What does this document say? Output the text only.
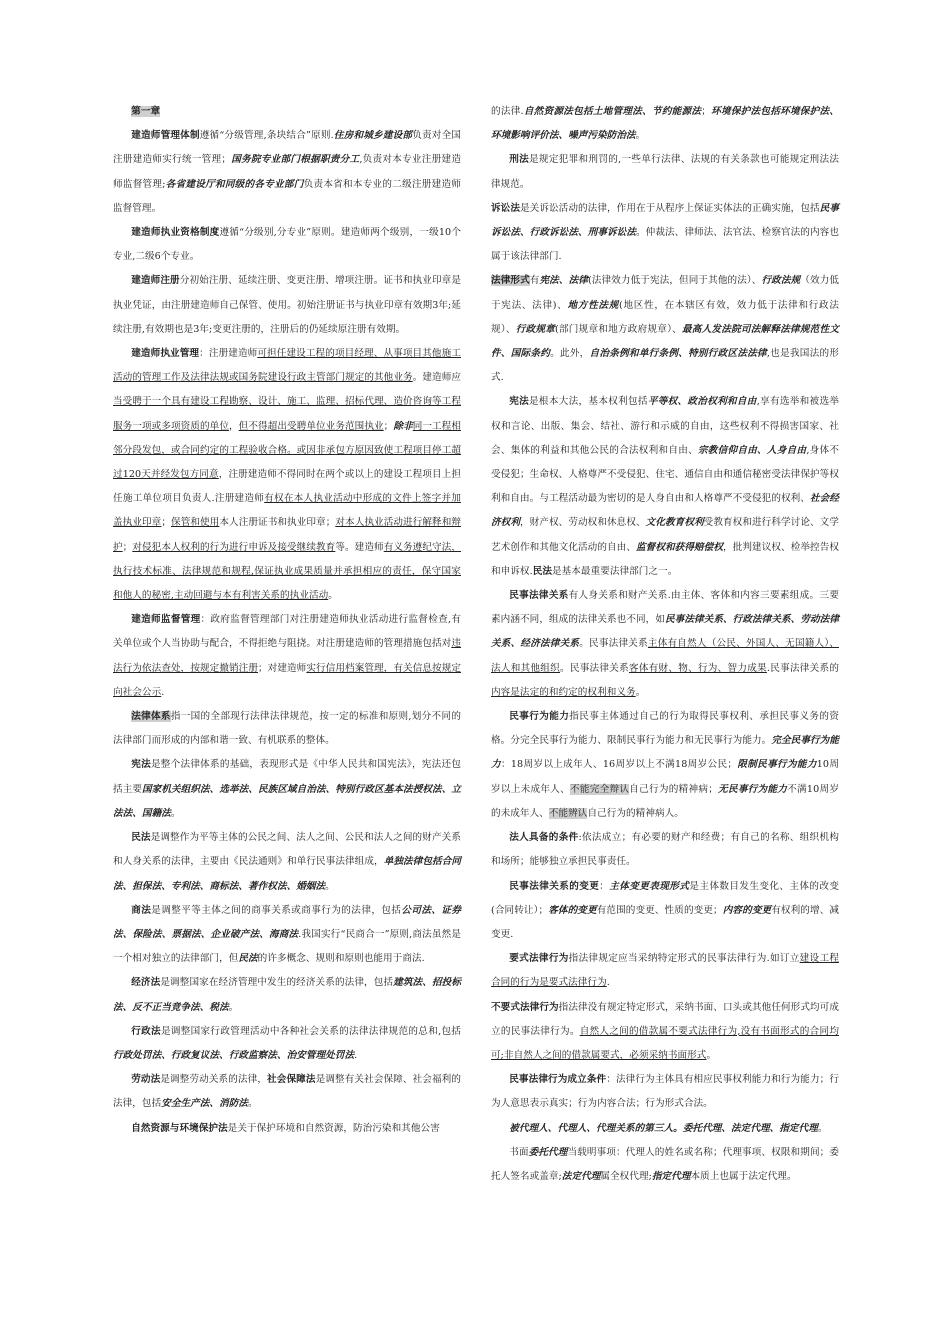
第一章

建造师管理体制遵循“分级管理,条块结合”原则.住房和城乡建设部负责对全国注册建造师实行统一管理；国务院专业部门根据职责分工,负责对本专业注册建造师监督管理;各省建设厅和同级的各专业部门负责本省和本专业的二级注册建造师监督管理。

建造师执业资格制度遵循“分级别,分专业”原则。建造师两个级别，一级10个专业,二级6个专业。

建造师注册分初始注册、延续注册、变更注册、增项注册。证书和执业印章是执业凭证，由注册建造师自己保管、使用。初始注册证书与执业印章有效期3年;延续注册,有效期也是3年;变更注册的，注册后的仍延续原注册有效期。

建造师执业管理：注册建造师可担任建设工程的项目经理、从事项目其他施工活动的管理工作及法律法规或国务院建设行政主管部门规定的其他业务。建造师应当受聘于一个具有建设工程勘察、设计、施工、监理、招标代理、造价咨询等工程服务一项或多项资质的单位，但不得超出受聘单位业务范围执业；除非同一工程相邻分段发包，或合同约定的工程验收合格。或因非承包方原因致使工程项目停工超过120天并经发包方同意，注册建造师不得同时在两个或以上的建设工程项目上担任施工单位项目负责人.注册建造师有权在本人执业活动中形成的文件上签字并加盖执业印章；保管和使用本人注册证书和执业印章；对本人执业活动进行解释和辩护；对侵犯本人权利的行为进行申诉及接受继续教育等。建造师有义务遵纪守法，执行技术标准、法律规范和规程,保证执业成果质量并承担相应的责任，保守国家和他人的秘密,主动回避与本有利害关系的执业活动。

建造师监督管理：政府监督管理部门对注册建造师执业活动进行监督检查,有关单位或个人当协助与配合，不得拒绝与阻挠。对注册建造师的管理措施包括对违法行为依法查处，按规定撤销注册；对建造师实行信用档案管理，有关信息按规定向社会公示.

法律体系指一国的全部现行法律法律规范，按一定的标准和原则,划分不同的法律部门而形成的内部和谐一致、有机联系的整体。

宪法是整个法律体系的基础，表现形式是《中华人民共和国宪法》，宪法还包括主要国家机关组织法、选举法、民族区域自治法、特别行政区基本法授权法、立法法、国籍法。

民法是调整作为平等主体的公民之间、法人之间、公民和法人之间的财产关系和人身关系的法律，主要由《民法通则》和单行民事法律组成，单独法律包括合同法、担保法、专利法、商标法、著作权法、婚姻法。

商法是调整平等主体之间的商事关系或商事行为的法律，包括公司法、证券法、保险法、票据法、企业破产法、海商法.我国实行“民商合一”原则,商法虽然是一个相对独立的法律部门，但民法的许多概念、规则和原则也能用于商法.

经济法是调整国家在经济管理中发生的经济关系的法律，包括建筑法、招投标法、反不正当竞争法、税法。

行政法是调整国家行政管理活动中各种社会关系的法律法律规范的总和,包括行政处罚法、行政复议法、行政监察法、治安管理处罚法.

劳动法是调整劳动关系的法律，社会保障法是调整有关社会保障、社会福利的法律，包括安全生产法、消防法。

自然资源与环境保护法是关于保护环境和自然资源，防治污染和其他公害

的法律.自然资源法包括土地管理法、节约能源法；环境保护法包括环境保护法、环境影响评价法、噪声污染防治法。

刑法是规定犯罪和刑罚的,一些单行法律、法规的有关条款也可能规定刑法法律规范。

诉讼法是关诉讼活动的法律，作用在于从程序上保证实体法的正确实施，包括民事诉讼法、行政诉讼法、刑事诉讼法。仲裁法、律师法、法官法、检察官法的内容也属于该法律部门.

法律形式有宪法、法律(法律效力低于宪法，但同于其他的法）、行政法规（效力低于宪法、法律)、地方性法规(地区性，在本辖区有效，效力低于法律和行政法规）、行政规章(部门规章和地方政府规章）、最高人发法院司法解释法律规范性文件、国际条约。此外，自治条例和单行条例、特别行政区法法律,也是我国法的形式.

宪法是根本大法，基本权利包括平等权、政治权利和自由,享有选举和被选举权和言论、出版、集会、结社、游行和示威的自由，这些权利不得损害国家、社会、集体的利益和其他公民的合法权利和自由、宗教信仰自由、人身自由,身体不受侵犯；生命权、人格尊严不受侵犯、住宅、通信自由和通信秘密受法律保护等权利和自由。与工程活动最为密切的是人身自由和人格尊严不受侵犯的权利、社会经济权利，财产权、劳动权和休息权、文化教育权利受教育权和进行科学讨论、文学艺术创作和其他文化活动的自由、监督权和获得赔偿权，批判建议权、检举控告权和申诉权.民法是基本最重要法律部门之一。

民事法律关系有人身关系和财产关系.由主体、客体和内容三要素组成。三要素内涵不同，组成的法律关系也不同，如民事法律关系、行政法律关系、劳动法律关系、经济法律关系。民事法律关系主体有自然人（公民、外国人、无国籍人）、法人和其他组织。民事法律关系客体有财、物、行为、智力成果.民事法律关系的内容是法定的和约定的权利和义务。

民事行为能力指民事主体通过自己的行为取得民事权利、承担民事义务的资格。分完全民事行为能力、限制民事行为能力和无民事行为能力。完全民事行为能力：18周岁以上成年人、16周岁以上不满18周岁公民；限制民事行为能力10周岁以上未成年人、不能完全辩认自己行为的精神病；无民事行为能力不满10周岁的未成年人、不能辨认自己行为的精神病人。

法人具备的条件:依法成立；有必要的财产和经费；有自己的名称、组织机构和场所；能够独立承担民事责任。

民事法律关系的变更：主体变更表现形式是主体数目发生变化、主体的改变(合同转让）；客体的变更有范围的变更、性质的变更；内容的变更有权利的增、减变更.

要式法律行为指法律规定应当采纳特定形式的民事法律行为.如订立建设工程合同的行为是要式法律行为.

不要式法律行为指法律没有规定特定形式，采纳书面、口头或其他任何形式均可成立的民事法律行为。自然人之间的借款属不要式法律行为,没有书面形式的合同均可;非自然人之间的借款属要式，必须采纳书面形式。

民事法律行为成立条件：法律行为主体具有相应民事权利能力和行为能力；行为人意思表示真实；行为内容合法；行为形式合法。

被代理人、代理人、代理关系的第三人。委托代理、法定代理、指定代理。

书面委托代理当载明事项：代理人的姓名或名称；代理事项、权限和期间；委托人签名或盖章;法定代理属全权代理;指定代理本质上也属于法定代理。
